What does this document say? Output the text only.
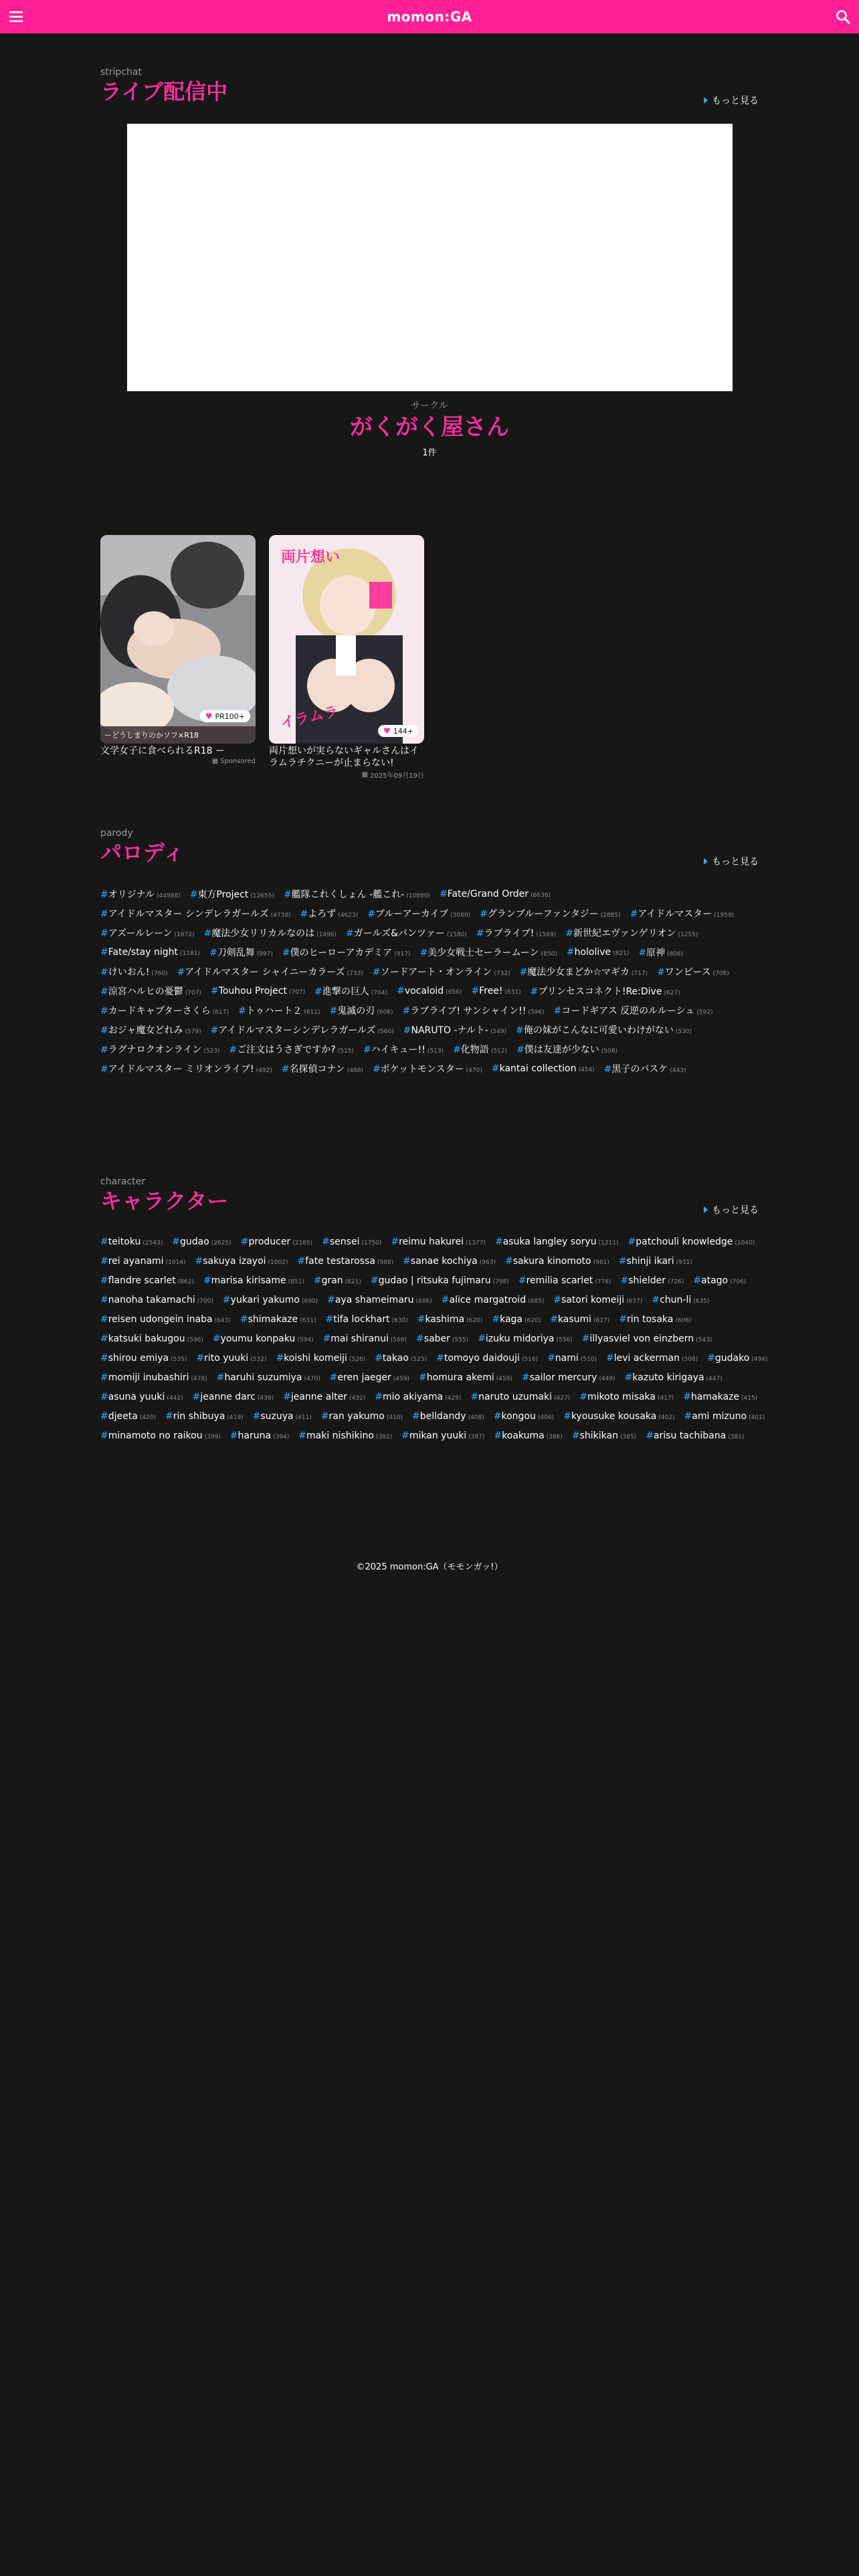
momon:GA
stripchat
ライブ配信中	もっと見る
サークル
がくがく屋さん
1件
ーどうしまりのかソフ×R18
♥ PR100+
文学女子に食べられるR18 ー
▦ Sponsored
両片想い
イラムラ	♥ 144+
両片想いが実らないギャルさんはイラムラチクニーが止まらない!
▦ 2025年09月19日
parody
パロディ	もっと見る
#オリジナル (44988) #東方Project (12655) #艦隊これくしょん -艦これ- (10880) #Fate/Grand Order (6636)
#アイドルマスター シンデレラガールズ (4738) #よろず (4623) #ブルーアーカイブ (3080) #グランブルーファンタジー (2885) #アイドルマスター (1959)
#アズールレーン (1672) #魔法少女リリカルなのは (1496) #ガールズ&パンツァー (1580) #ラブライブ! (1569) #新世紀エヴァンゲリオン (1255)
#Fate/stay night (1181) #刀剣乱舞 (997) #僕のヒーローアカデミア (917) #美少女戦士セーラームーン (850) #hololive (821) #原神 (806)
#けいおん! (760) #アイドルマスター シャイニーカラーズ (733) #ソードアート・オンライン (732) #魔法少女まどか☆マギカ (717) #ワンピース (708)
#涼宮ハルヒの憂鬱 (707) #Touhou Project (707) #進撃の巨人 (704) #vocaloid (656) #Free! (631) #プリンセスコネクト!Re:Dive (627)
#カードキャプターさくら (617) #トゥハート２ (611) #鬼滅の刃 (606) #ラブライブ! サンシャイン!! (596) #コードギアス 反逆のルルーシュ (592)
#おジャ魔女どれみ (579) #アイドルマスターシンデレラガールズ (560) #NARUTO -ナルト- (549) #俺の妹がこんなに可愛いわけがない (530)
#ラグナロクオンライン (523) #ご注文はうさぎですか? (515) #ハイキュー!! (513) #化物語 (512) #僕は友達が少ない (508)
#アイドルマスター ミリオンライブ! (492) #名探偵コナン (488) #ポケットモンスター (470) #kantai collection (454) #黒子のバスケ (443)
character
キャラクター	もっと見る
#teitoku (2543) #gudao (2625) #producer (2185) #sensei (1750) #reimu hakurei (1377) #asuka langley soryu (1211) #patchouli knowledge (1040)
#rei ayanami (1014) #sakuya izayoi (1002) #fate testarossa (988) #sanae kochiya (963) #sakura kinomoto (961) #shinji ikari (931)
#flandre scarlet (862) #marisa kirisame (851) #gran (821) #gudao | ritsuka fujimaru (798) #remilia scarlet (778) #shielder (726) #atago (706)
#nanoha takamachi (700) #yukari yakumo (690) #aya shameimaru (686) #alice margatroid (685) #satori komeiji (637) #chun-li (635)
#reisen udongein inaba (643) #shimakaze (631) #tifa lockhart (630) #kashima (620) #kaga (620) #kasumi (617) #rin tosaka (606)
#katsuki bakugou (596) #youmu konpaku (594) #mai shiranui (569) #saber (555) #izuku midoriya (556) #illyasviel von einzbern (543)
#shirou emiya (535) #rito yuuki (532) #koishi komeiji (526) #takao (525) #tomoyo daidouji (516) #nami (510) #levi ackerman (508) #gudako (494)
#momiji inubashiri (478) #haruhi suzumiya (470) #eren jaeger (459) #homura akemi (459) #sailor mercury (449) #kazuto kirigaya (447)
#asuna yuuki (442) #jeanne darc (439) #jeanne alter (432) #mio akiyama (429) #naruto uzumaki (427) #mikoto misaka (417) #hamakaze (415)
#djeeta (420) #rin shibuya (419) #suzuya (411) #ran yakumo (410) #belldandy (408) #kongou (406) #kyousuke kousaka (402) #ami mizuno (401)
#minamoto no raikou (399) #haruna (394) #maki nishikino (392) #mikan yuuki (387) #koakuma (386) #shikikan (385) #arisu tachibana (381)
©2025 momon:GA（モモンガッ!）
